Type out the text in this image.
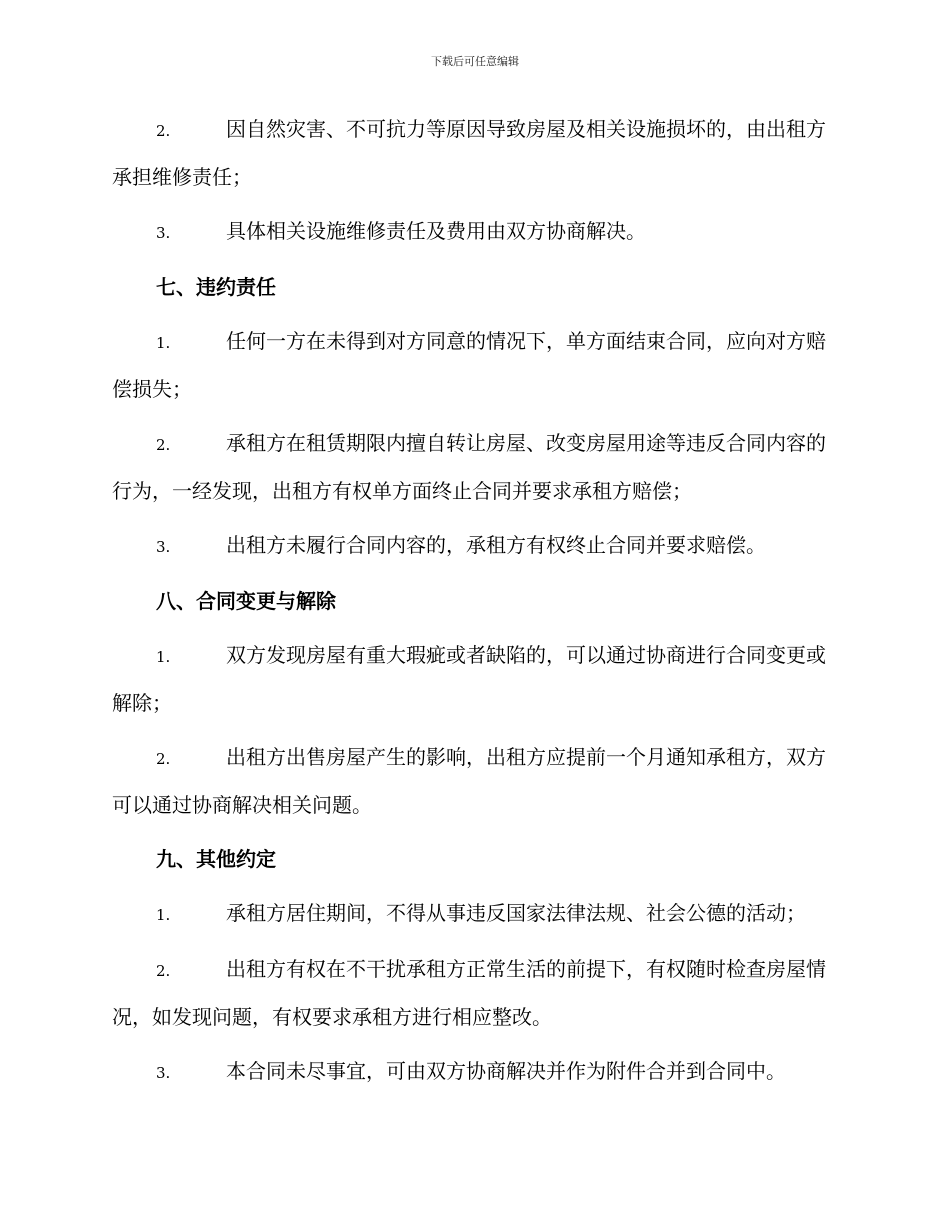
下载后可任意编辑

2.	因自然灾害、不可抗力等原因导致房屋及相关设施损坏的，由出租方承担维修责任；

3.	具体相关设施维修责任及费用由双方协商解决。

七、违约责任

1.	任何一方在未得到对方同意的情况下，单方面结束合同，应向对方赔偿损失；

2.	承租方在租赁期限内擅自转让房屋、改变房屋用途等违反合同内容的行为，一经发现，出租方有权单方面终止合同并要求承租方赔偿；

3.	出租方未履行合同内容的，承租方有权终止合同并要求赔偿。

八、合同变更与解除

1.	双方发现房屋有重大瑕疵或者缺陷的，可以通过协商进行合同变更或解除；

2.	出租方出售房屋产生的影响，出租方应提前一个月通知承租方，双方可以通过协商解决相关问题。

九、其他约定

1.	承租方居住期间，不得从事违反国家法律法规、社会公德的活动；

2.	出租方有权在不干扰承租方正常生活的前提下，有权随时检查房屋情况，如发现问题，有权要求承租方进行相应整改。

3.	本合同未尽事宜，可由双方协商解决并作为附件合并到合同中。
